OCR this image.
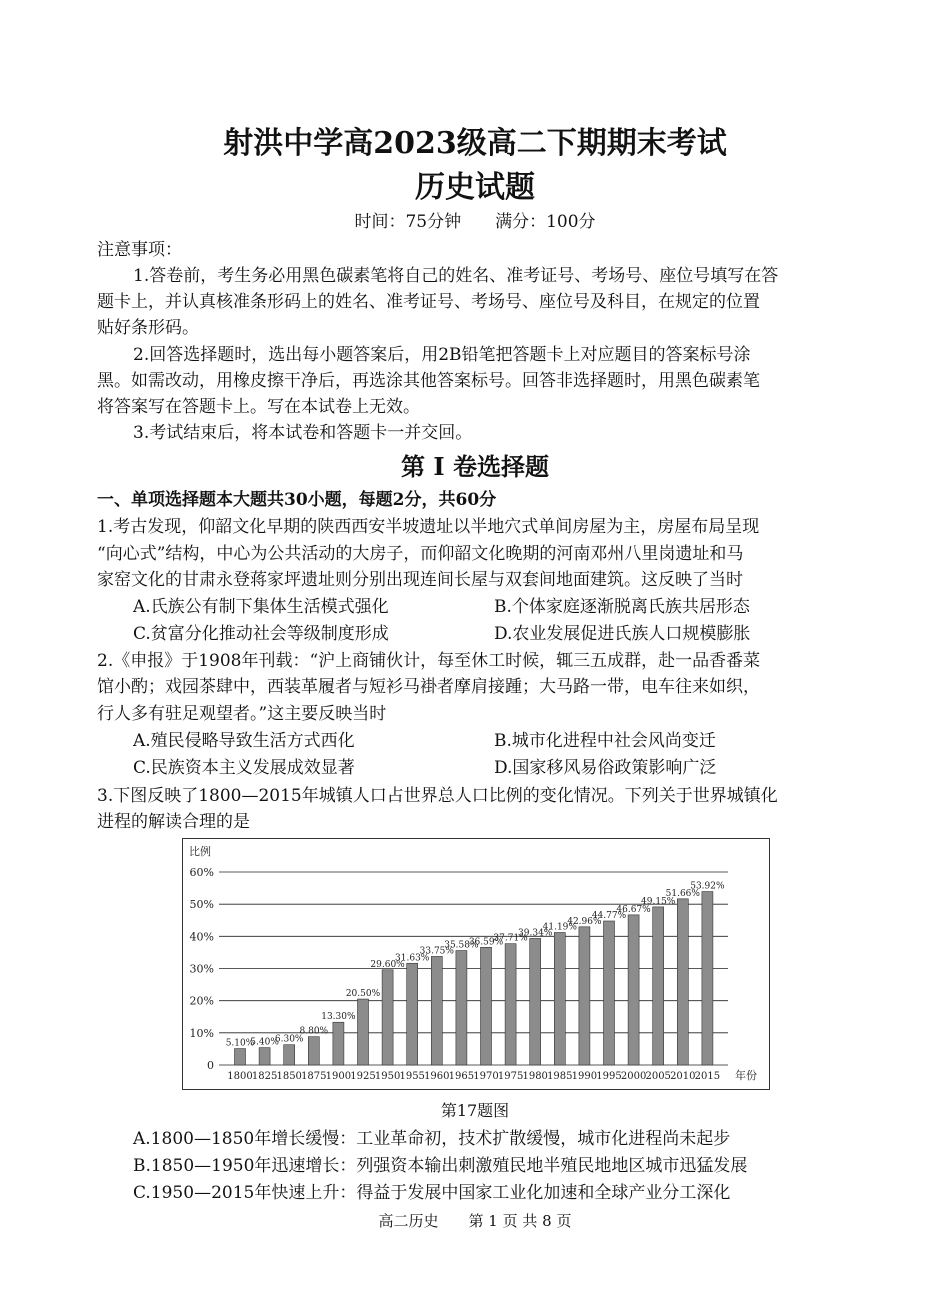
射洪中学高2023级高二下期期末考试
历史试题
时间：75分钟　　满分：100分
注意事项：
1.答卷前，考生务必用黑色碳素笔将自己的姓名、准考证号、考场号、座位号填写在答
题卡上，并认真核准条形码上的姓名、准考证号、考场号、座位号及科目，在规定的位置
贴好条形码。
2.回答选择题时，选出每小题答案后，用2B铅笔把答题卡上对应题目的答案标号涂
黑。如需改动，用橡皮擦干净后，再选涂其他答案标号。回答非选择题时，用黑色碳素笔
将答案写在答题卡上。写在本试卷上无效。
3.考试结束后，将本试卷和答题卡一并交回。
第 I 卷选择题
一、单项选择题本大题共30小题，每题2分，共60分
1.考古发现，仰韶文化早期的陕西西安半坡遗址以半地穴式单间房屋为主，房屋布局呈现
“向心式”结构，中心为公共活动的大房子，而仰韶文化晚期的河南邓州八里岗遗址和马
家窑文化的甘肃永登蒋家坪遗址则分别出现连间长屋与双套间地面建筑。这反映了当时
A.氏族公有制下集体生活模式强化	B.个体家庭逐渐脱离氏族共居形态
C.贫富分化推动社会等级制度形成	D.农业发展促进氏族人口规模膨胀
2.《申报》于1908年刊载：“沪上商铺伙计，每至休工时候，辄三五成群，赴一品香番菜
馆小酌；戏园茶肆中，西装革履者与短衫马褂者摩肩接踵；大马路一带，电车往来如织，
行人多有驻足观望者。”这主要反映当时
A.殖民侵略导致生活方式西化	B.城市化进程中社会风尚变迁
C.民族资本主义发展成效显著	D.国家移风易俗政策影响广泛
3.下图反映了1800—2015年城镇人口占世界总人口比例的变化情况。下列关于世界城镇化
进程的解读合理的是
0
10%
20%
30%
40%
50%
60%
比例
5.10%
1800
5.40%
1825
6.30%
1850
8.80%
1875
13.30%
1900
20.50%
1925
29.60%
1950
31.63%
1955
33.75%
1960
35.58%
1965
36.59%
1970
37.71%
1975
39.34%
1980
41.19%
1985
42.96%
1990
44.77%
1995
46.67%
2000
49.15%
2005
51.66%
2010
53.92%
2015 年份
第17题图
A.1800—1850年增长缓慢：工业革命初，技术扩散缓慢，城市化进程尚未起步
B.1850—1950年迅速增长：列强资本输出刺激殖民地半殖民地地区城市迅猛发展
C.1950—2015年快速上升：得益于发展中国家工业化加速和全球产业分工深化
高二历史　　第 1 页 共 8 页
